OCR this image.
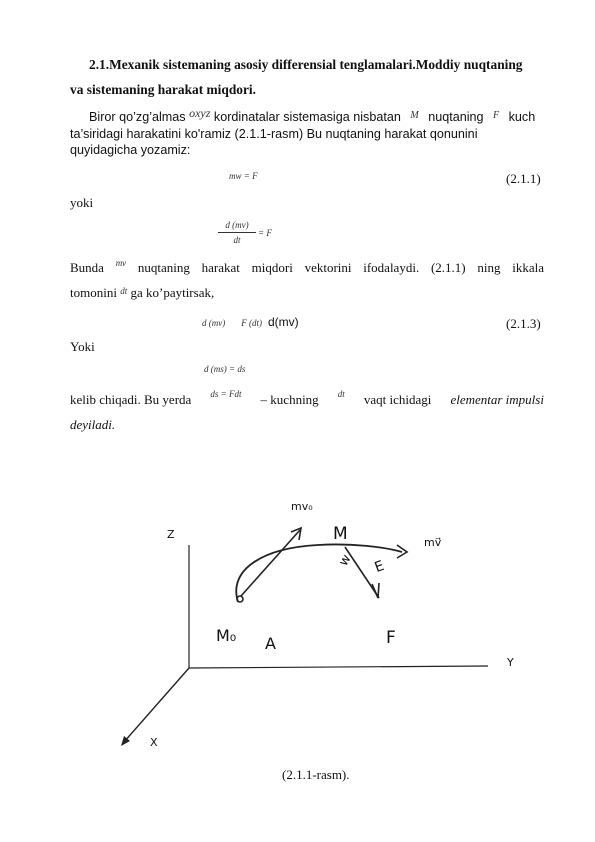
2.1.Mexanik sistemaning asosiy differensial tenglamalari.Moddiy nuqtaning
va sistemaning harakat miqdori.
Biror qo’zg’almas oxyz kordinatalar sistemasiga nisbatan $^M$ nuqtaning $^F$ kuch
ta’siridagi harakatini ko'ramiz (2.1.1-rasm) Bu nuqtaning harakat qonunini
quyidagicha yozamiz:
mw = F	(2.1.1)
yoki
d (mv)
dt
= F
Bunda mv nuqtaning harakat miqdori vektorini ifodalaydi. (2.1.1) ning ikkala
tomonini $^{dt}$ ga ko’paytirsak,
d (mv) F (dt) d(mv)	(2.1.3)
Yoki
d (ms) = ds
kelib chiqadi. Bu yerda ds = Fdt – kuchning dt vaqt ichidagi elementar impulsi
deyiladi.
Z
Y
X
mv₀
M	mv⃗
E
w
M₀ A	F
(2.1.1-rasm).
